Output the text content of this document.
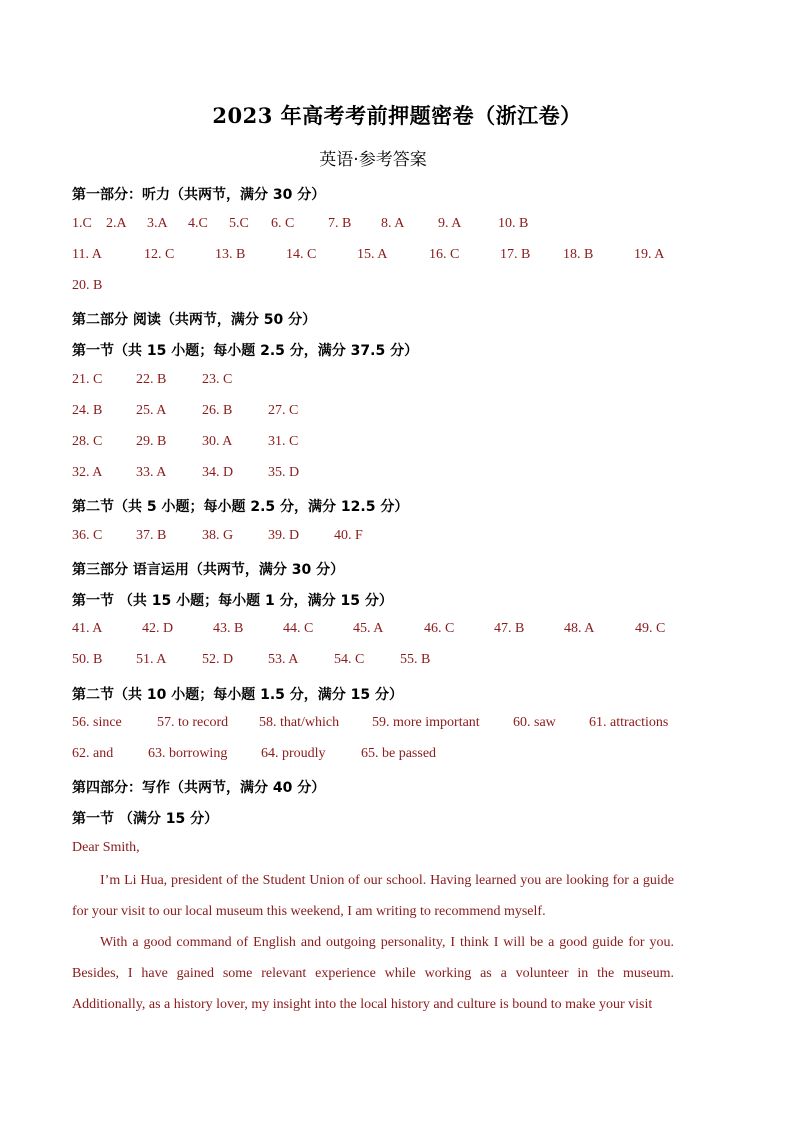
2023 年高考考前押题密卷（浙江卷）
英语·参考答案
第一部分：听力（共两节，满分 30 分）
1.C 2.A 3.A 4.C 5.C 6. C 7. B 8. A 9. A	10. B
11. A	12. C	13. B	14. C	15. A	16. C	17. B 18. B	19. A
20. B
第二部分 阅读（共两节，满分 50 分）
第一节（共 15 小题；每小题 2.5 分，满分 37.5 分）
21. C 22. B	23. C
24. B 25. A	26. B	27. C
28. C 29. B	30. A	31. C
32. A 33. A	34. D 35. D
第二节（共 5 小题；每小题 2.5 分，满分 12.5 分）
36. C 37. B	38. G 39. D 40. F
第三部分 语言运用（共两节，满分 30 分）
第一节 （共 15 小题；每小题 1 分，满分 15 分）
41. A	42. D	43. B	44. C	45. A	46. C	47. B	48. A	49. C
50. B 51. A	52. D 53. A	54. C	55. B
第二节（共 10 小题；每小题 1.5 分，满分 15 分）
56. since	57. to record 58. that/which 59. more important 60. saw 61. attractions
62. and 63. borrowing 64. proudly	65. be passed
第四部分：写作（共两节，满分 40 分）
第一节 （满分 15 分）
Dear Smith,
I’m Li Hua, president of the Student Union of our school. Having learned you are looking for a guide for your visit to our local museum this weekend, I am writing to recommend myself.
With a good command of English and outgoing personality, I think I will be a good guide for you. Besides, I have gained some relevant experience while working as a volunteer in the museum. Additionally, as a history lover, my insight into the local history and culture is bound to make your visit
